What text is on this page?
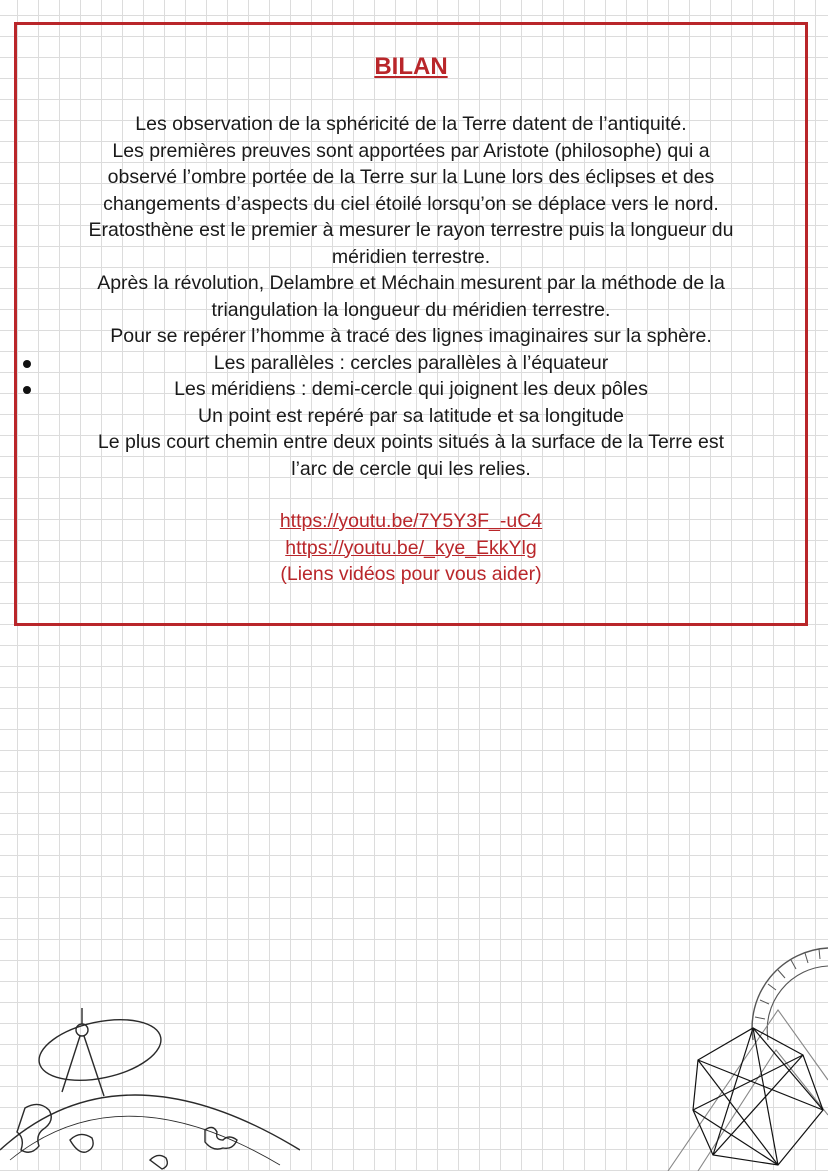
BILAN
Les observation de la sphéricité de la Terre datent de l’antiquité.
Les premières preuves sont apportées par Aristote (philosophe) qui a
observé l’ombre portée de la Terre sur la Lune lors des éclipses et des
changements d’aspects du ciel étoilé lorsqu’on se déplace vers le nord.
Eratosthène est le premier à mesurer le rayon terrestre puis la longueur du
méridien terrestre.
Après la révolution, Delambre et Méchain mesurent par la méthode de la
triangulation la longueur du méridien terrestre.
Pour se repérer l’homme à tracé des lignes imaginaires sur la sphère.
Les parallèles : cercles parallèles à l’équateur
Les méridiens : demi-cercle qui joignent les deux pôles
Un point est repéré par sa latitude et sa longitude
Le plus court chemin entre deux points situés à la surface de la Terre est
l’arc de cercle qui les relies.
https://youtu.be/7Y5Y3F_-uC4
https://youtu.be/_kye_EkkYlg
(Liens vidéos pour vous aider)
